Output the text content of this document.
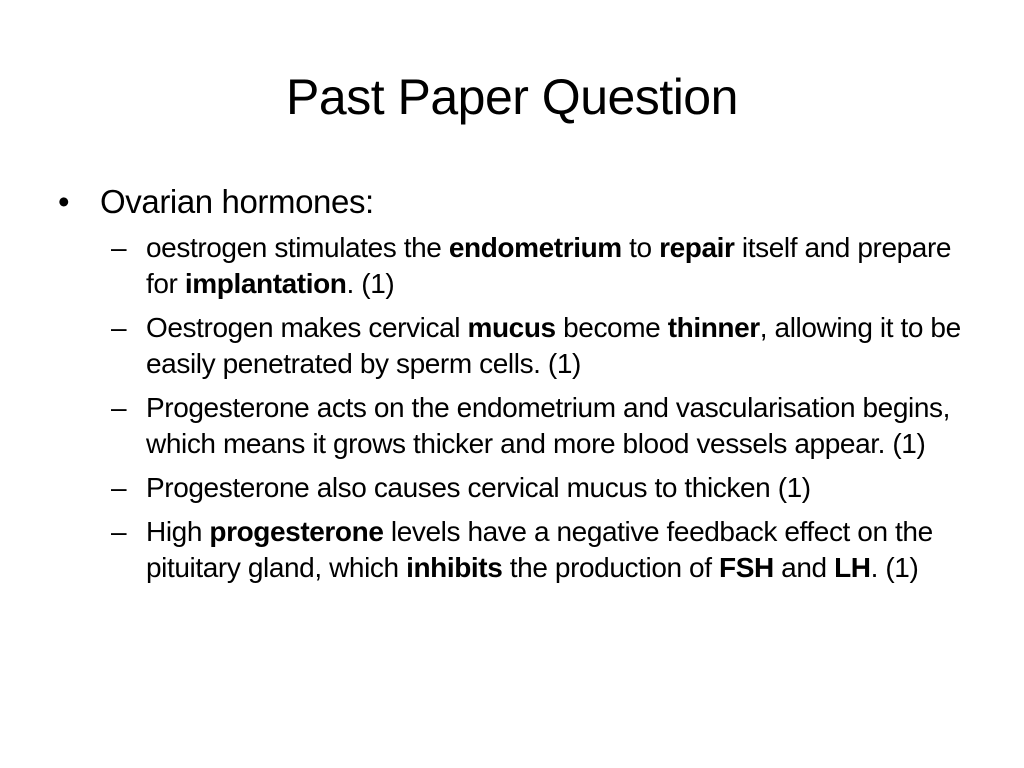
Past Paper Question
• Ovarian hormones:
– oestrogen stimulates the endometrium to repair itself and prepare for implantation. (1)
– Oestrogen makes cervical mucus become thinner, allowing it to be easily penetrated by sperm cells. (1)
– Progesterone acts on the endometrium and vascularisation begins, which means it grows thicker and more blood vessels appear. (1)
– Progesterone also causes cervical mucus to thicken (1)
– High progesterone levels have a negative feedback effect on the pituitary gland, which inhibits the production of FSH and LH. (1)
